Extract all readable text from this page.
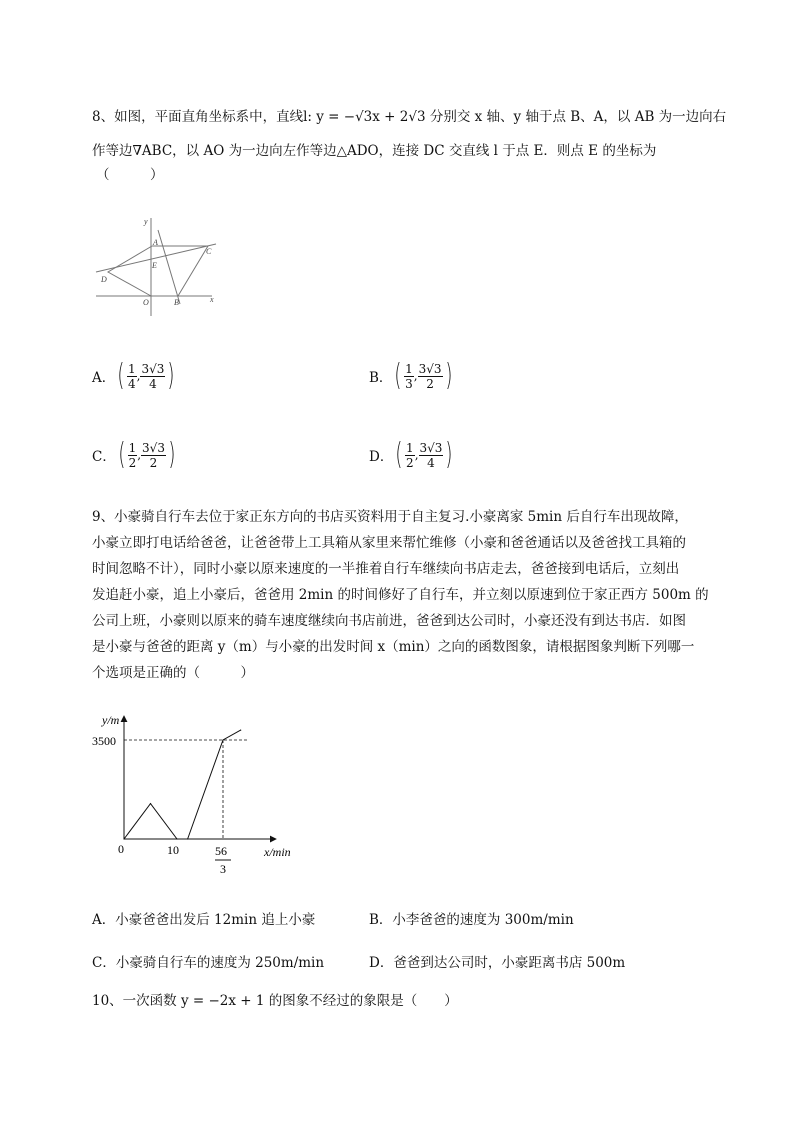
8、如图，平面直角坐标系中，直线l: y = −√3x + 2√3 分别交 x 轴、y 轴于点 B、A，以 AB 为一边向右
作等边∇ABC，以 AO 为一边向左作等边△ADO，连接 DC 交直线 l 于点 E．则点 E 的坐标为
（　　　）
y
x
A
C
E
D
O	B
A．( $\frac{1}{4}$ , $\frac{3√3}{4}$ )	B．( $\frac{1}{3}$ , $\frac{3√3}{2}$ )
C．( $\frac{1}{2}$ , $\frac{3√3}{2}$ )	D．( $\frac{1}{2}$ , $\frac{3√3}{4}$ )
9、小豪骑自行车去位于家正东方向的书店买资料用于自主复习.小豪离家 5min 后自行车出现故障，
小豪立即打电话给爸爸，让爸爸带上工具箱从家里来帮忙维修（小豪和爸爸通话以及爸爸找工具箱的
时间忽略不计），同时小豪以原来速度的一半推着自行车继续向书店走去，爸爸接到电话后，立刻出
发追赶小豪，追上小豪后，爸爸用 2min 的时间修好了自行车，并立刻以原速到位于家正西方 500m 的
公司上班，小豪则以原来的骑车速度继续向书店前进，爸爸到达公司时，小豪还没有到达书店．如图
是小豪与爸爸的距离 y（m）与小豪的出发时间 x（min）之向的函数图象，请根据图象判断下列哪一
个选项是正确的（　　　）
y/m
x/min
3500
0	10	56
3
A．小豪爸爸出发后 12min 追上小豪	B．小李爸爸的速度为 300m/min
C．小豪骑自行车的速度为 250m/min	D．爸爸到达公司时，小豪距离书店 500m
10、一次函数 y = −2x + 1 的图象不经过的象限是（　　）
